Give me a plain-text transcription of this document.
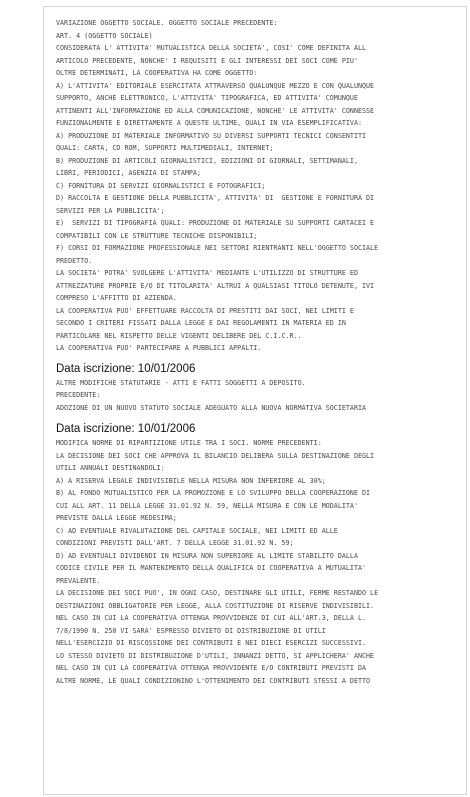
VARIAZIONE OGGETTO SOCIALE. OGGETTO SOCIALE PRECEDENTE:
ART. 4 (OGGETTO SOCIALE)
CONSIDERATA L' ATTIVITA' MUTUALISTICA DELLA SOCIETA', COSI' COME DEFINITA ALL
ARTICOLO PRECEDENTE, NONCHE' I REQUISITI E GLI INTERESSI DEI SOCI COME PIU'
OLTRE DETERMINATI, LA COOPERATIVA HA COME OGGETTO:
A) L'ATTIVITA' EDITORIALE ESERCITATA ATTRAVERSO QUALUNQUE MEZZO E CON QUALUNQUE
SUPPORTO, ANCHE ELETTRONICO, L'ATTIVITA' TIPOGRAFICA, ED ATTIVITA' COMUNQUE
ATTINENTI ALL'INFORMAZIONE ED ALLA COMUNICAZIONE, NONCHE' LE ATTIVITA' CONNESSE
FUNZIONALMENTE E DIRETTAMENTE A QUESTE ULTIME, QUALI IN VIA ESEMPLIFICATIVA:
A) PRODUZIONE DI MATERIALE INFORMATIVO SU DIVERSI SUPPORTI TECNICI CONSENTITI
QUALI: CARTA, CD ROM, SUPPORTI MULTIMEDIALI, INTERNET;
B) PRODUZIONE DI ARTICOLI GIORNALISTICI, EDIZIONI DI GIORNALI, SETTIMANALI,
LIBRI, PERIODICI, AGENZIA DI STAMPA;
C) FORNITURA DI SERVIZI GIORNALISTICI E FOTOGRAFICI;
D) RACCOLTA E GESTIONE DELLA PUBBLICITA', ATTIVITA' DI  GESTIONE E FORNITURA DI
SERVIZI PER LA PUBBLICITA';
E)  SERVIZI DI TIPOGRAFIA QUALI: PRODUZIONE DI MATERIALE SU SUPPORTI CARTACEI E
COMPATIBILI CON LE STRUTTURE TECNICHE DISPONIBILI;
F) CORSI DI FORMAZIONE PROFESSIONALE NEI SETTORI RIENTRANTI NELL'OGGETTO SOCIALE
PREDETTO.
LA SOCIETA' POTRA' SVOLGERE L'ATTIVITA' MEDIANTE L'UTILIZZO DI STRUTTURE ED
ATTREZZATURE PROPRIE E/O DI TITOLARITA' ALTRUI A QUALSIASI TITOLO DETENUTE, IVI
COMPRESO L'AFFITTO DI AZIENDA.
LA COOPERATIVA PUO' EFFETTUARE RACCOLTA DI PRESTITI DAI SOCI, NEI LIMITI E
SECONDO I CRITERI FISSATI DALLA LEGGE E DAI REGOLAMENTI IN MATERIA ED IN
PARTICOLARE NEL RISPETTO DELLE VIGENTI DELIBERE DEL C.I.C.R..
LA COOPERATIVA PUO' PARTECIPARE A PUBBLICI APPALTI.
Data iscrizione: 10/01/2006
ALTRE MODIFICHE STATUTARIE - ATTI E FATTI SOGGETTI A DEPOSITO.
PRECEDENTE:
ADOZIONE DI UN NUOVO STATUTO SOCIALE ADEGUATO ALLA NUOVA NORMATIVA SOCIETARIA
Data iscrizione: 10/01/2006
MODIFICA NORME DI RIPARTIZIONE UTILE TRA I SOCI. NORME PRECEDENTI:
LA DECISIONE DEI SOCI CHE APPROVA IL BILANCIO DELIBERA SULLA DESTINAZIONE DEGLI
UTILI ANNUALI DESTINANDOLI:
A) A RISERVA LEGALE INDIVISIBILE NELLA MISURA NON INFERIORE AL 30%;
B) AL FONDO MUTUALISTICO PER LA PROMOZIONE E LO SVILUPPO DELLA COOPERAZIONE DI
CUI ALL ART. 11 DELLA LEGGE 31.01.92 N. 59, NELLA MISURA E CON LE MODALITA'
PREVISTE DALLA LEGGE MEDESIMA;
C) AD EVENTUALE RIVALUTAZIONE DEL CAPITALE SOCIALE, NEI LIMITI ED ALLE
CONDIZIONI PREVISTI DALL'ART. 7 DELLA LEGGE 31.01.92 N. 59;
D) AD EVENTUALI DIVIDENDI IN MISURA NON SUPERIORE AL LIMITE STABILITO DALLA
CODICE CIVILE PER IL MANTENIMENTO DELLA QUALIFICA DI COOPERATIVA A MUTUALITA'
PREVALENTE.
LA DECISIONE DEI SOCI PUO', IN OGNI CASO, DESTINARE GLI UTILI, FERME RESTANDO LE
DESTINAZIONI OBBLIGATORIE PER LEGGE, ALLA COSTITUZIONE DI RISERVE INDIVISIBILI.
NEL CASO IN CUI LA COOPERATIVA OTTENGA PROVVIDENZE DI CUI ALL'ART.3, DELLA L.
7/8/1990 N. 250 VI SARA' ESPRESSO DIVIETO DI DISTRIBUZIONE DI UTILI
NELL'ESERCIZIO DI RISCOSSIONE DEI CONTRIBUTI E NEI DIECI ESERCIZI SUCCESSIVI.
LO STESSO DIVIETO DI DISTRIBUZIONE D'UTILI, INNANZI DETTO, SI APPLICHERA' ANCHE
NEL CASO IN CUI LA COOPERATIVA OTTENGA PROVVIDENTE E/O CONTRIBUTI PREVISTI DA
ALTRE NORME, LE QUALI CONDIZIONINO L'OTTENIMENTO DEI CONTRIBUTI STESSI A DETTO
